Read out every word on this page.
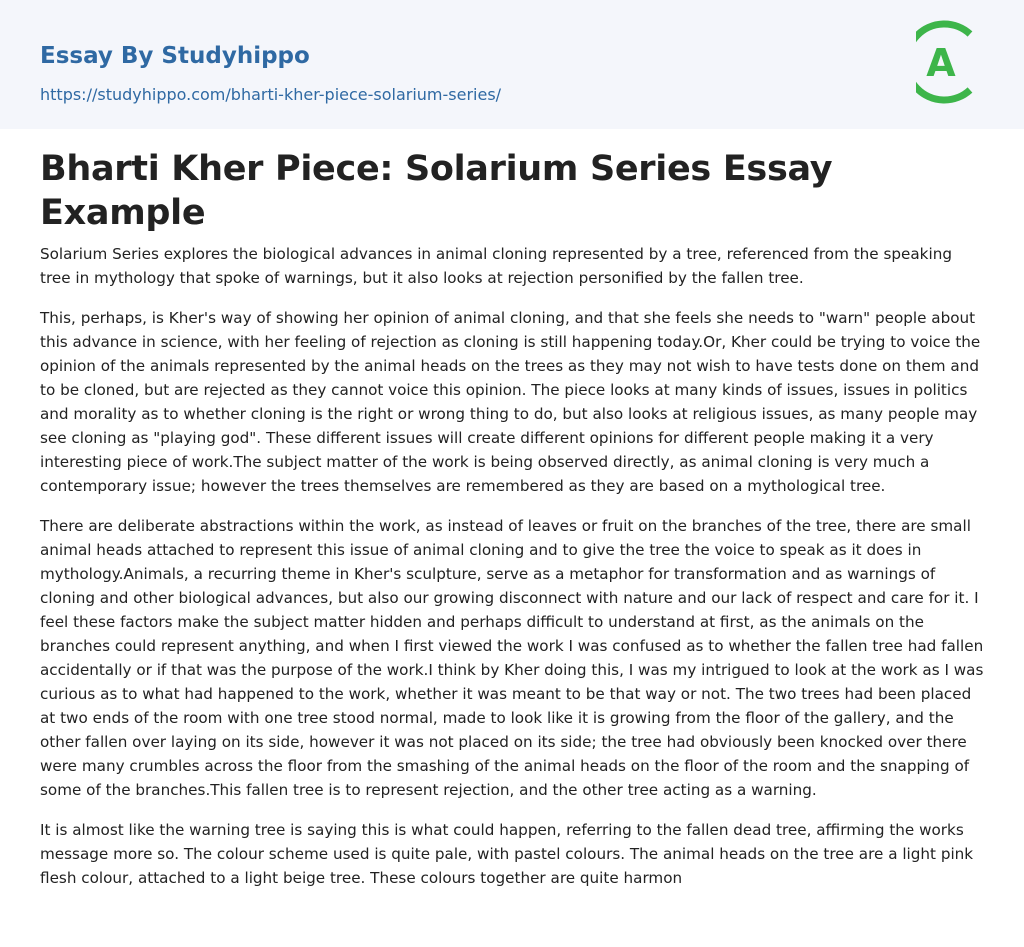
Essay By Studyhippo
https://studyhippo.com/bharti-kher-piece-solarium-series/
A
Bharti Kher Piece: Solarium Series Essay Example

Solarium Series explores the biological advances in animal cloning represented by a tree, referenced from the speaking tree in mythology that spoke of warnings, but it also looks at rejection personified by the fallen tree.

This, perhaps, is Kher's way of showing her opinion of animal cloning, and that she feels she needs to "warn" people about this advance in science, with her feeling of rejection as cloning is still happening today.Or, Kher could be trying to voice the opinion of the animals represented by the animal heads on the trees as they may not wish to have tests done on them and to be cloned, but are rejected as they cannot voice this opinion. The piece looks at many kinds of issues, issues in politics and morality as to whether cloning is the right or wrong thing to do, but also looks at religious issues, as many people may see cloning as "playing god". These different issues will create different opinions for different people making it a very interesting piece of work.The subject matter of the work is being observed directly, as animal cloning is very much a contemporary issue; however the trees themselves are remembered as they are based on a mythological tree.

There are deliberate abstractions within the work, as instead of leaves or fruit on the branches of the tree, there are small animal heads attached to represent this issue of animal cloning and to give the tree the voice to speak as it does in mythology.Animals, a recurring theme in Kher's sculpture, serve as a metaphor for transformation and as warnings of cloning and other biological advances, but also our growing disconnect with nature and our lack of respect and care for it. I feel these factors make the subject matter hidden and perhaps difficult to understand at first, as the animals on the branches could represent anything, and when I first viewed the work I was confused as to whether the fallen tree had fallen accidentally or if that was the purpose of the work.I think by Kher doing this, I was my intrigued to look at the work as I was curious as to what had happened to the work, whether it was meant to be that way or not. The two trees had been placed at two ends of the room with one tree stood normal, made to look like it is growing from the floor of the gallery, and the other fallen over laying on its side, however it was not placed on its side; the tree had obviously been knocked over there were many crumbles across the floor from the smashing of the animal heads on the floor of the room and the snapping of some of the branches.This fallen tree is to represent rejection, and the other tree acting as a warning.

It is almost like the warning tree is saying this is what could happen, referring to the fallen dead tree, affirming the works message more so. The colour scheme used is quite pale, with pastel colours. The animal heads on the tree are a light pink flesh colour, attached to a light beige tree. These colours together are quite harmon
